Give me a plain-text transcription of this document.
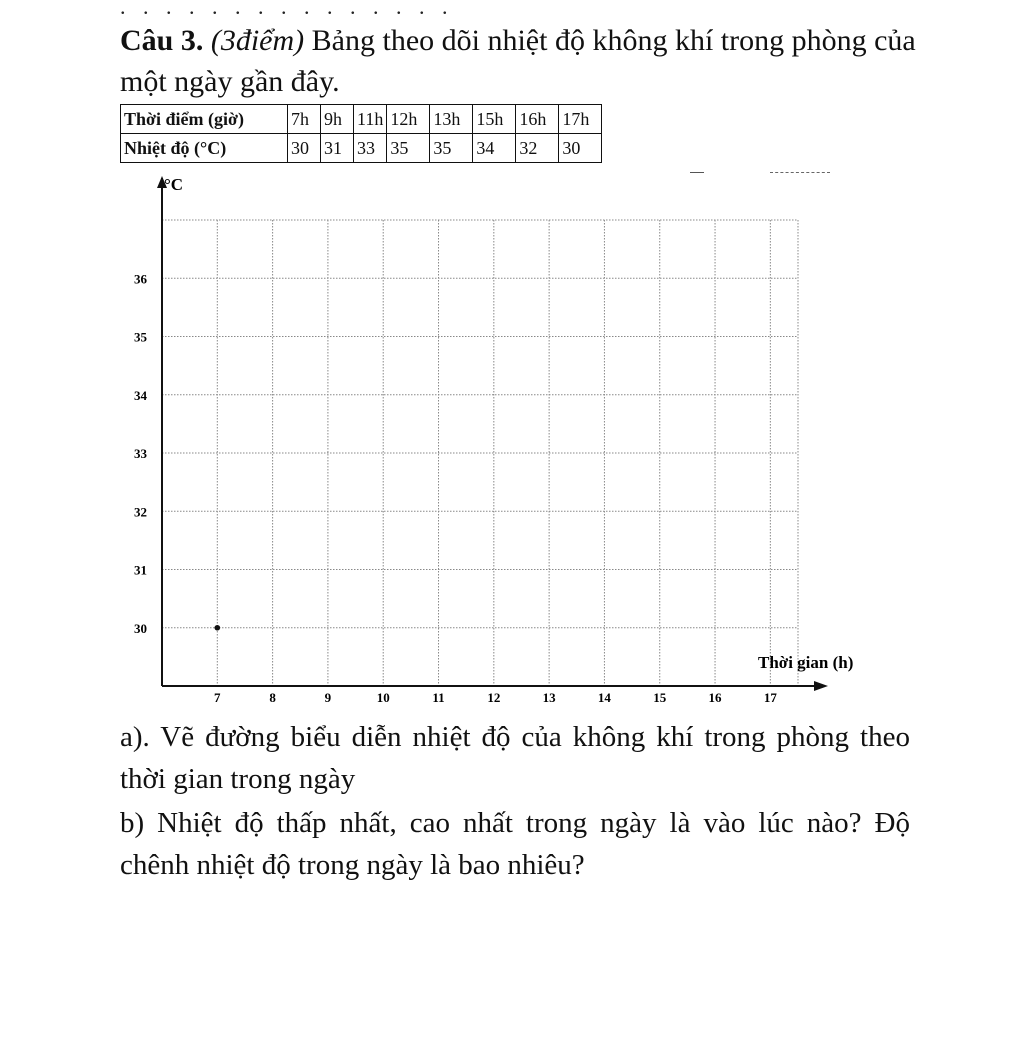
. . . . . . . . . . . . . . .
Câu 3. (3điểm) Bảng theo dõi nhiệt độ không khí trong phòng của một ngày gần đây.
Thời điểm (giờ)	7h	9h	11h	12h	13h	15h	16h	17h
Nhiệt độ (°C)	30	31	33	35	35	34	32	30
30
31
32
33
34
35
36
7	8	9	10	11	12	13	14	15	16	17
°C
Thời gian (h)
a). Vẽ đường biểu diễn nhiệt độ của không khí trong phòng theo thời gian trong ngày
b) Nhiệt độ thấp nhất, cao nhất trong ngày là vào lúc nào? Độ chênh nhiệt độ trong ngày là bao nhiêu?
